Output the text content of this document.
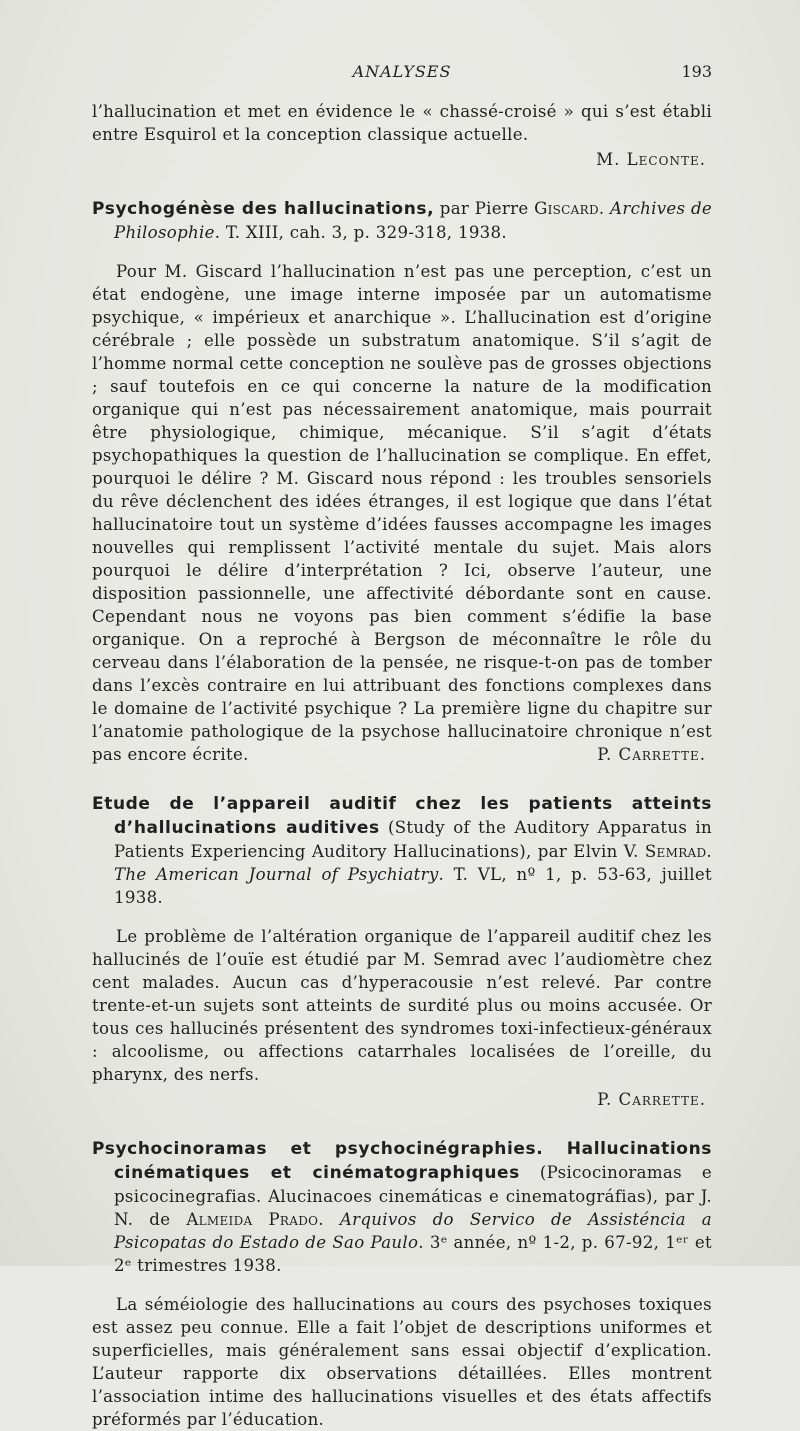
ANALYSES	193

l’hallucination et met en évidence le « chassé-croisé » qui s’est établi entre Esquirol et la conception classique actuelle.

M. Leconte.

Psychogénèse des hallucinations, par Pierre Giscard. Archives de Philosophie. T. XIII, cah. 3, p. 329-318, 1938.

Pour M. Giscard l’hallucination n’est pas une perception, c’est un état endogène, une image interne imposée par un automatisme psychique, « impérieux et anarchique ». L’hallucination est d’origine cérébrale ; elle possède un substratum anatomique. S’il s’agit de l’homme normal cette conception ne soulève pas de grosses objections ; sauf toutefois en ce qui concerne la nature de la modification organique qui n’est pas nécessairement anatomique, mais pourrait être physiologique, chimique, mécanique. S’il s’agit d’états psychopathiques la question de l’hallucination se complique. En effet, pourquoi le délire ? M. Giscard nous répond : les troubles sensoriels du rêve déclenchent des idées étranges, il est logique que dans l’état hallucinatoire tout un système d’idées fausses accompagne les images nouvelles qui remplissent l’activité mentale du sujet. Mais alors pourquoi le délire d’interprétation ? Ici, observe l’auteur, une disposition passionnelle, une affectivité débordante sont en cause. Cependant nous ne voyons pas bien comment s’édifie la base organique. On a reproché à Bergson de méconnaître le rôle du cerveau dans l’élaboration de la pensée, ne risque-t-on pas de tomber dans l’excès contraire en lui attribuant des fonctions complexes dans le domaine de l’activité psychique ? La première ligne du chapitre sur l’anatomie pathologique de la psychose hallucinatoire chronique n’est pas encore écrite.	P. Carrette.

Etude de l’appareil auditif chez les patients atteints d’hallucinations auditives (Study of the Auditory Apparatus in Patients Experiencing Auditory Hallucinations), par Elvin V. Semrad. The American Journal of Psychiatry. T. VL, nº 1, p. 53-63, juillet 1938.

Le problème de l’altération organique de l’appareil auditif chez les hallucinés de l’ouïe est étudié par M. Semrad avec l’audiomètre chez cent malades. Aucun cas d’hyperacousie n’est relevé. Par contre trente-et-un sujets sont atteints de surdité plus ou moins accusée. Or tous ces hallucinés présentent des syndromes toxi-infectieux-généraux : alcoolisme, ou affections catarrhales localisées de l’oreille, du pharynx, des nerfs.

P. Carrette.

Psychocinoramas et psychocinégraphies. Hallucinations cinématiques et cinématographiques (Psicocinoramas e psicocinegrafias. Alucinacoes cinemáticas e cinematográfias), par J. N. de Almeida Prado. Arquivos do Servico de Assisténcia a Psicopatas do Estado de Sao Paulo. 3ᵉ année, nº 1-2, p. 67-92, 1ᵉʳ et 2ᵉ trimestres 1938.

La séméiologie des hallucinations au cours des psychoses toxiques est assez peu connue. Elle a fait l’objet de descriptions uniformes et superficielles, mais généralement sans essai objectif d’explication. L’auteur rapporte dix observations détaillées. Elles montrent l’association intime des hallucinations visuelles et des états affectifs préformés par l’éducation.
